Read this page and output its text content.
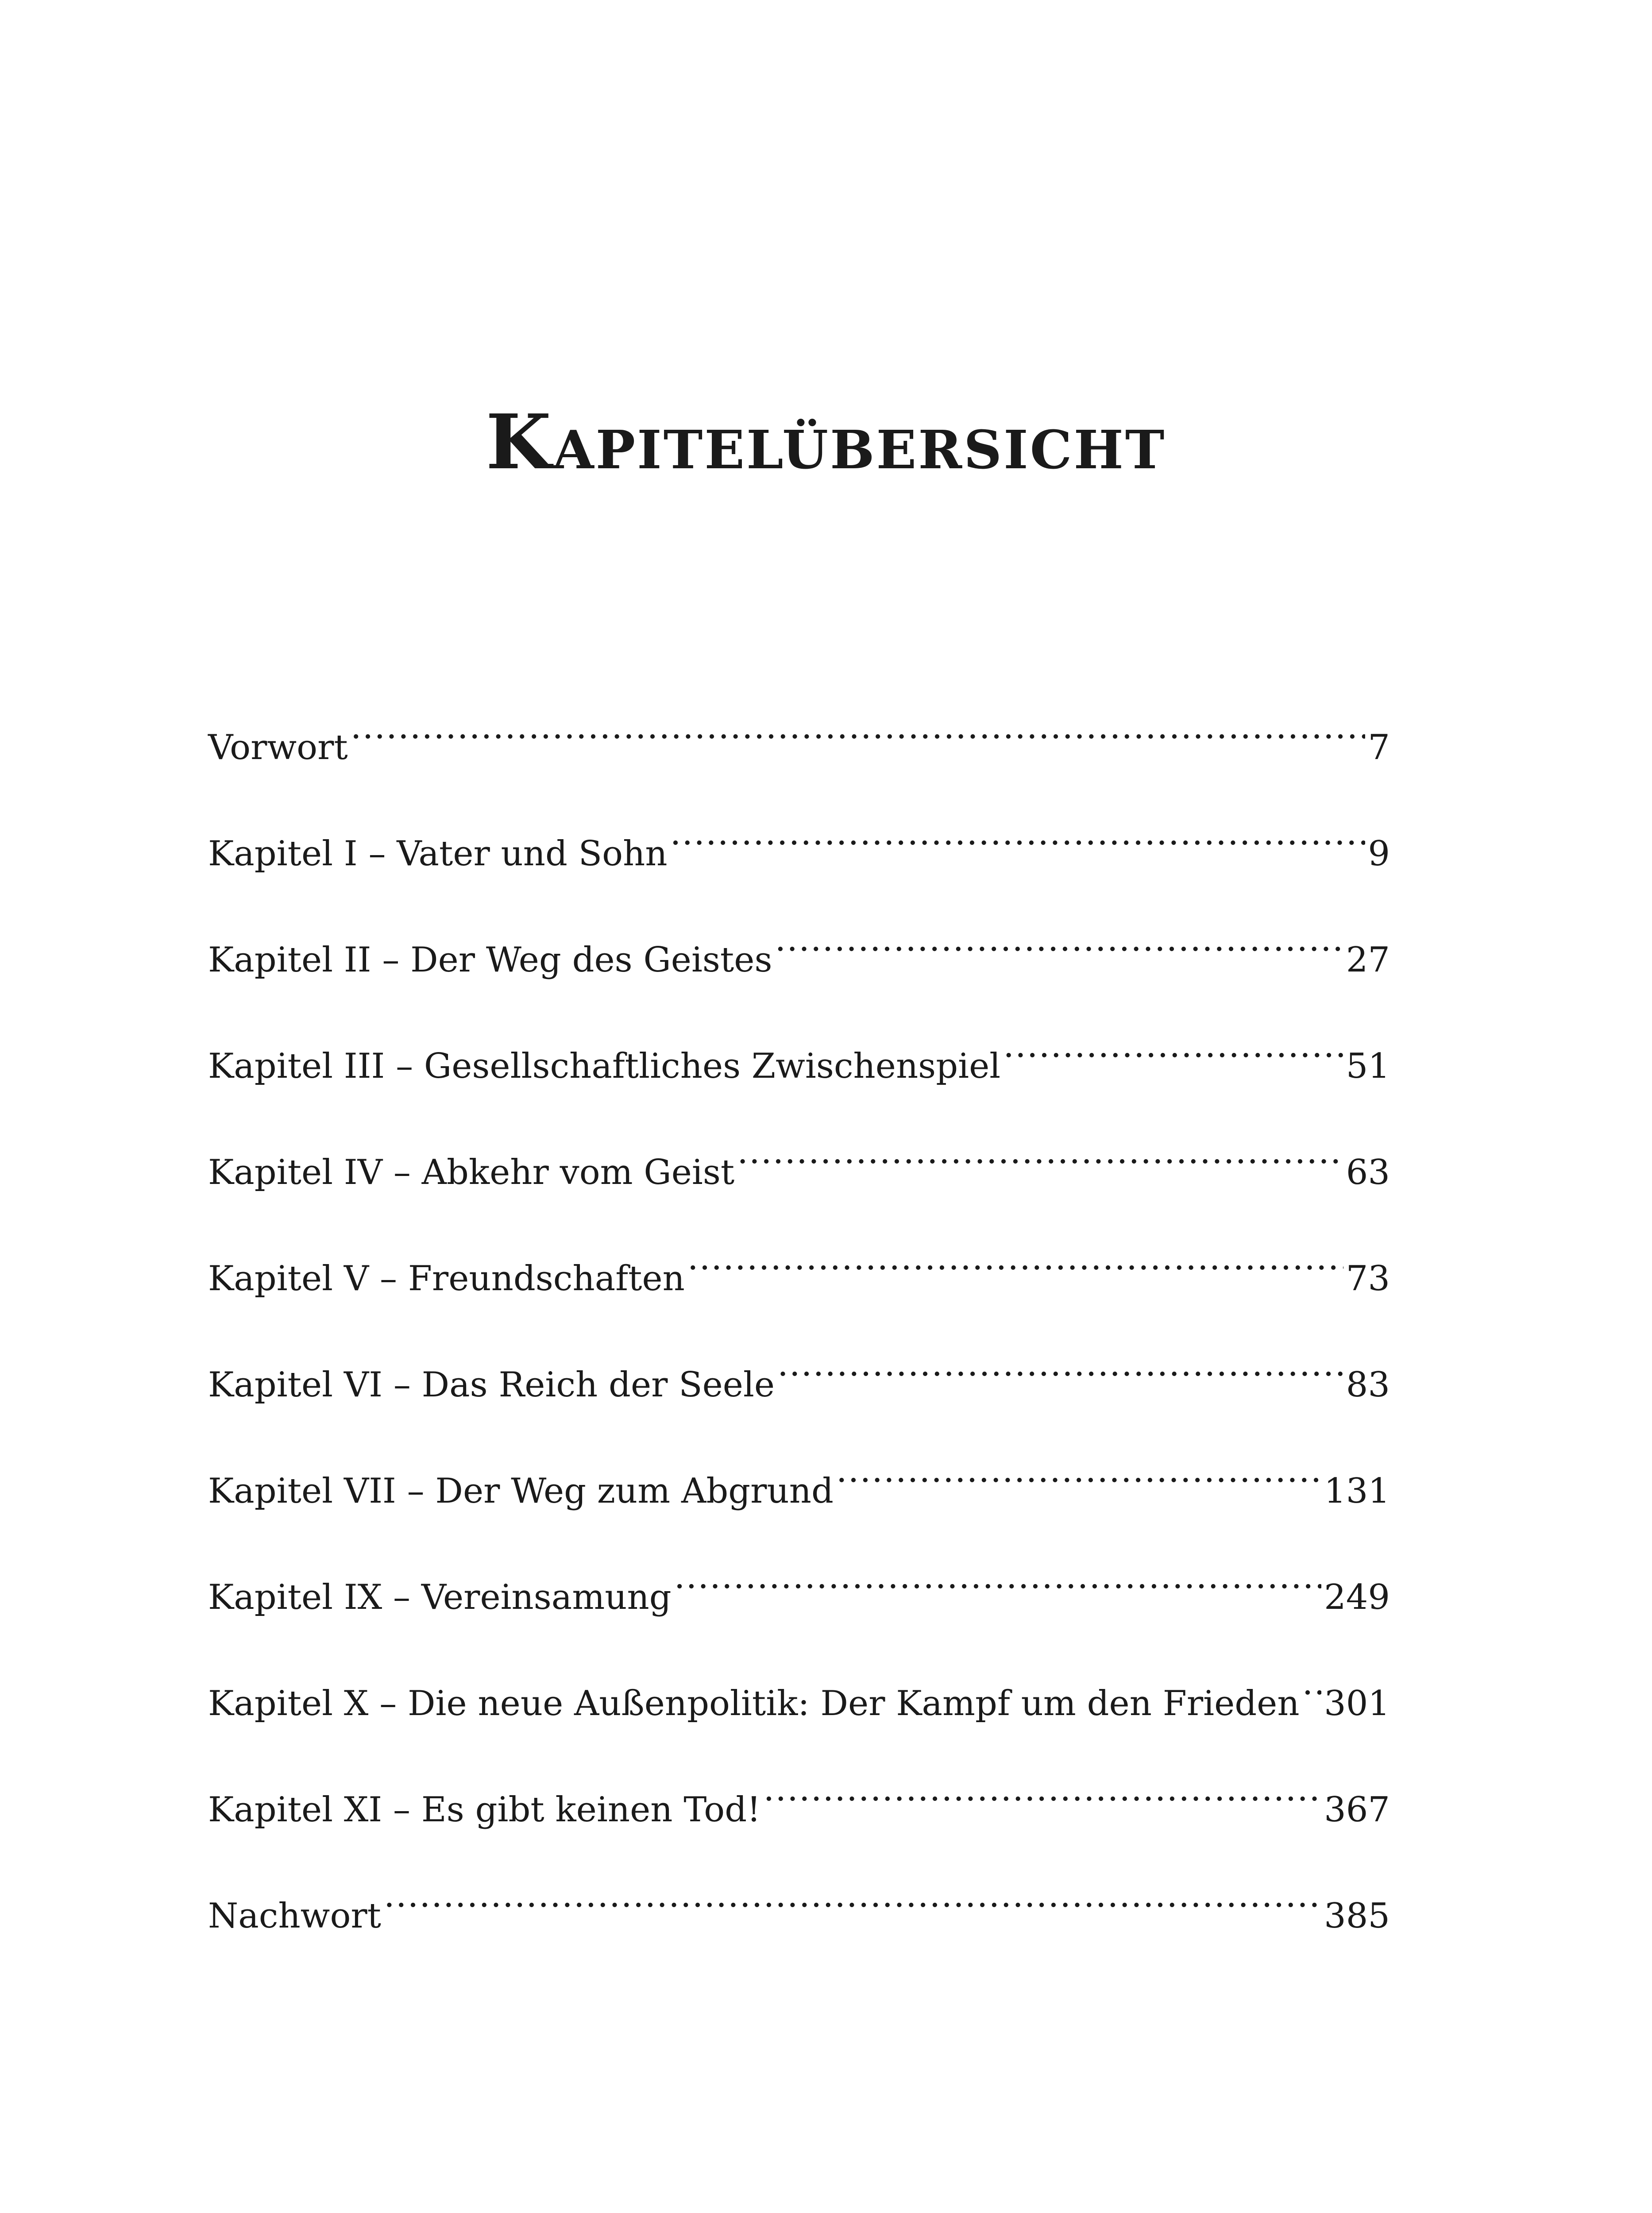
Kapitelübersicht
Vorwort .....	7
Kapitel I – Vater und Sohn .....	9
Kapitel II – Der Weg des Geistes .....	27
Kapitel III – Gesellschaftliches Zwischenspiel .....	51
Kapitel IV – Abkehr vom Geist .....	63
Kapitel V – Freundschaften .....	73
Kapitel VI – Das Reich der Seele .....	83
Kapitel VII – Der Weg zum Abgrund .....	131
Kapitel IX – Vereinsamung .....	249
Kapitel X – Die neue Außenpolitik: Der Kampf um den Frieden ..... 301
Kapitel XI – Es gibt keinen Tod! .....	367
Nachwort .....	385
